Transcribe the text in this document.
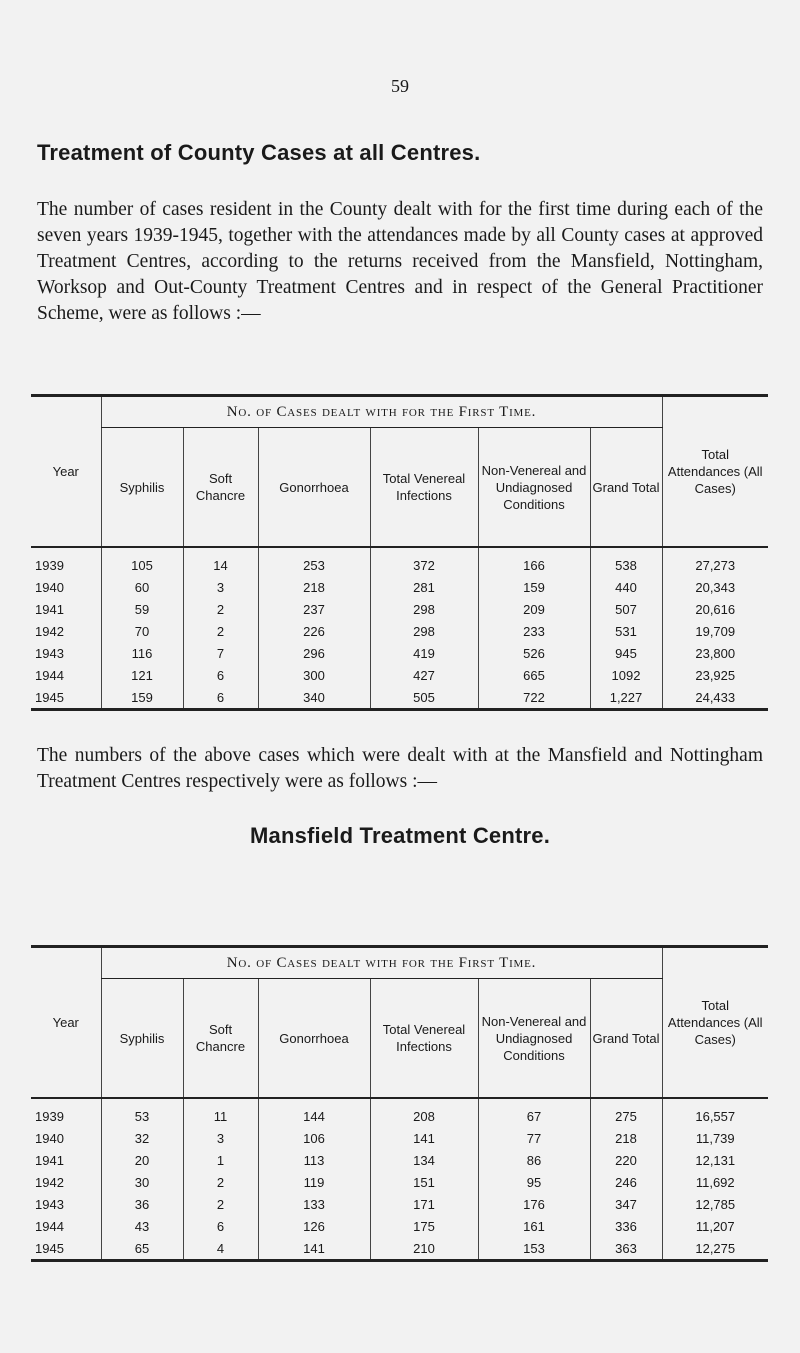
59
Treatment of County Cases at all Centres.
The number of cases resident in the County dealt with for the first time during each of the seven years 1939-1945, together with the attendances made by all County cases at approved Treatment Centres, according to the returns received from the Mansfield, Nottingham, Worksop and Out-County Treatment Centres and in respect of the General Practitioner Scheme, were as follows :—
Year	No. of Cases dealt with for the First Time.						Total Attendances (All Cases)
	Syphilis	Soft Chancre	Gonorrhoea	Total Venereal Infections	Non-Venereal and Undiagnosed Conditions	Grand Total	
1939	105	14	253	372	166	538	27,273
1940	60	3	218	281	159	440	20,343
1941	59	2	237	298	209	507	20,616
1942	70	2	226	298	233	531	19,709
1943	116	7	296	419	526	945	23,800
1944	121	6	300	427	665	1092	23,925
1945	159	6	340	505	722	1,227	24,433
The numbers of the above cases which were dealt with at the Mansfield and Nottingham Treatment Centres respectively were as follows :—
Mansfield Treatment Centre.
Year	No. of Cases dealt with for the First Time.						Total Attendances (All Cases)
	Syphilis	Soft Chancre	Gonorrhoea	Total Venereal Infections	Non-Venereal and Undiagnosed Conditions	Grand Total	
1939	53	11	144	208	67	275	16,557
1940	32	3	106	141	77	218	11,739
1941	20	1	113	134	86	220	12,131
1942	30	2	119	151	95	246	11,692
1943	36	2	133	171	176	347	12,785
1944	43	6	126	175	161	336	11,207
1945	65	4	141	210	153	363	12,275
